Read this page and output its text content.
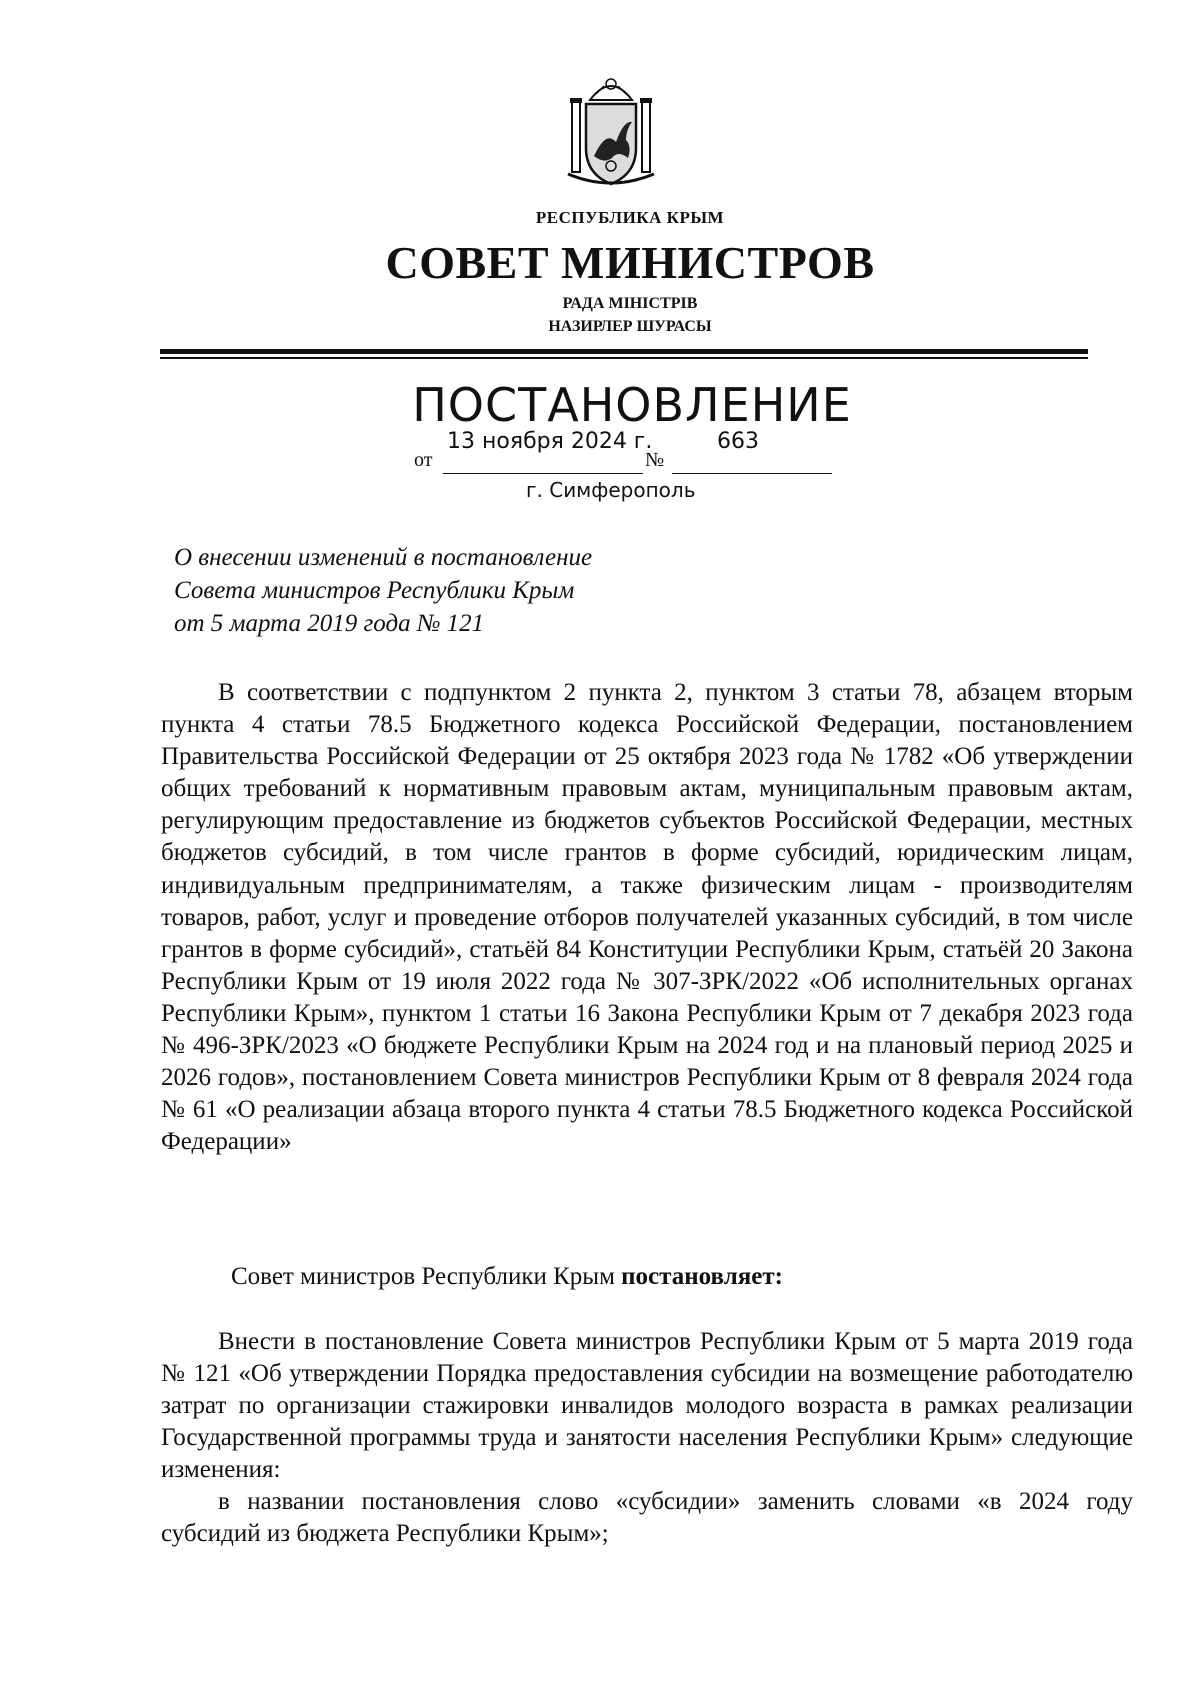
РЕСПУБЛИКА КРЫМ
СОВЕТ МИНИСТРОВ
РАДА МІНІСТРІВ
НАЗИРЛЕР ШУРАСЫ
ПОСТАНОВЛЕНИЕ
13 ноября 2024 г.	663
от	№
г. Симферополь
О внесении изменений в постановление
Совета министров Республики Крым
от 5 марта 2019 года № 121

В соответствии с подпунктом 2 пункта 2, пунктом 3 статьи 78, абзацем вторым пункта 4 статьи 78.5 Бюджетного кодекса Российской Федерации, постановлением Правительства Российской Федерации от 25 октября 2023 года № 1782 «Об утверждении общих требований к нормативным правовым актам, муниципальным правовым актам, регулирующим предоставление из бюджетов субъектов Российской Федерации, местных бюджетов субсидий, в том числе грантов в форме субсидий, юридическим лицам, индивидуальным предпринимателям, а также физическим лицам - производителям товаров, работ, услуг и проведение отборов получателей указанных субсидий, в том числе грантов в форме субсидий», статьёй 84 Конституции Республики Крым, статьёй 20 Закона Республики Крым от 19 июля 2022 года № 307-ЗРК/2022 «Об исполнительных органах Республики Крым», пунктом 1 статьи 16 Закона Республики Крым от 7 декабря 2023 года № 496-ЗРК/2023 «О бюджете Республики Крым на 2024 год и на плановый период 2025 и 2026 годов», постановлением Совета министров Республики Крым от 8 февраля 2024 года № 61 «О реализации абзаца второго пункта 4 статьи 78.5 Бюджетного кодекса Российской Федерации»

Совет министров Республики Крым постановляет:

Внести в постановление Совета министров Республики Крым от 5 марта 2019 года № 121 «Об утверждении Порядка предоставления субсидии на возмещение работодателю затрат по организации стажировки инвалидов молодого возраста в рамках реализации Государственной программы труда и занятости населения Республики Крым» следующие изменения:

в названии постановления слово «субсидии» заменить словами «в 2024 году субсидий из бюджета Республики Крым»;
